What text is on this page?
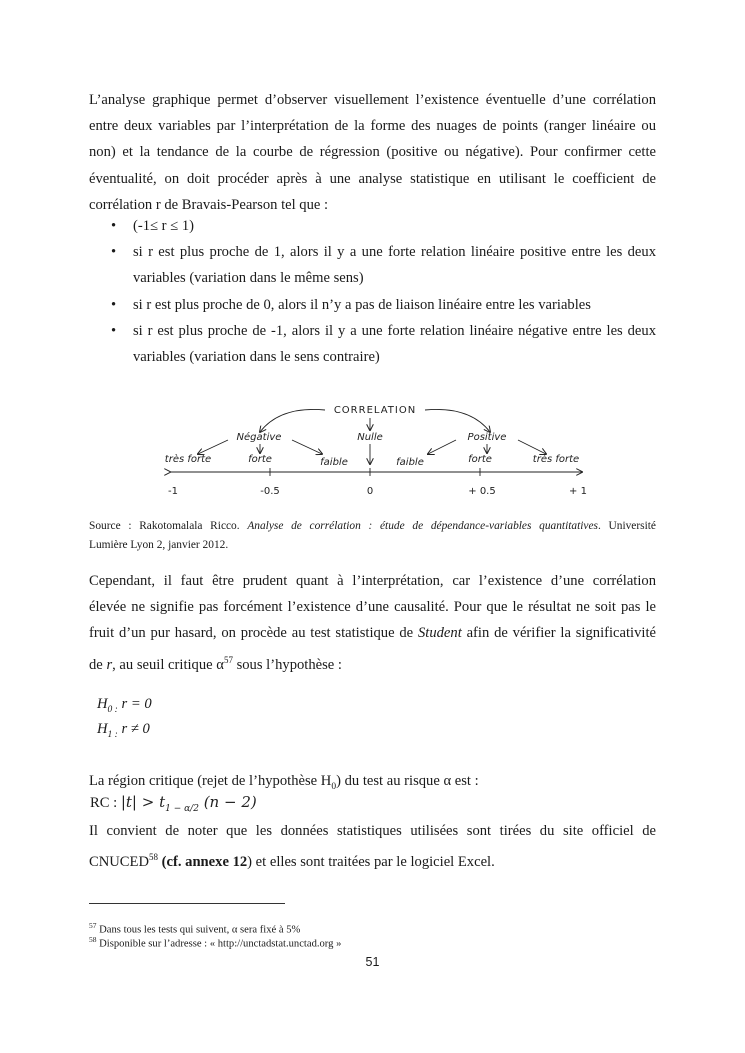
L’analyse graphique permet d’observer visuellement l’existence éventuelle d’une corrélation
entre deux variables par l’interprétation de la forme des nuages de points (ranger linéaire ou
non) et la tendance de la courbe de régression (positive ou négative). Pour confirmer cette
éventualité, on doit procéder après à une analyse statistique en utilisant le coefficient de
corrélation r de Bravais-Pearson tel que :

• (-1≤ r ≤ 1)
• si r est plus proche de 1, alors il y a une forte relation linéaire positive entre les deux
variables (variation dans le même sens)
• si r est plus proche de 0, alors il n’y a pas de liaison linéaire entre les variables
• si r est plus proche de -1, alors il y a une forte relation linéaire négative entre les deux
variables (variation dans le sens contraire)
CORRELATION
Négative	Nulle	Positive
très forte	forte	faible	faible	forte	très forte
-1	-0.5	0	+ 0.5	+ 1

Source : Rakotomalala Ricco. Analyse de corrélation : étude de dépendance-variables quantitatives. Université
Lumière Lyon 2, janvier 2012.

Cependant, il faut être prudent quant à l’interprétation, car l’existence d’une corrélation
élevée ne signifie pas forcément l’existence d’une causalité. Pour que le résultat ne soit pas le
fruit d’un pur hasard, on procède au test statistique de Student afin de vérifier la significativité
de r, au seuil critique $\alpha^{57}$ sous l’hypothèse :

$H_{0 :}$ r = 0
$H_{1 :}$ r ≠ 0
La région critique (rejet de l’hypothèse $H_0$) du test au risque α est :
RC : $|t| > t_{1 - \alpha/2}$ (n − 2)

Il convient de noter que les données statistiques utilisées sont tirées du site officiel de
CNUCED$^{58}$ (cf. annexe 12) et elles sont traitées par le logiciel Excel.

$^{57}$ Dans tous les tests qui suivent, α sera fixé à 5%
$^{58}$ Disponible sur l’adresse : « http://unctadstat.unctad.org »
51
